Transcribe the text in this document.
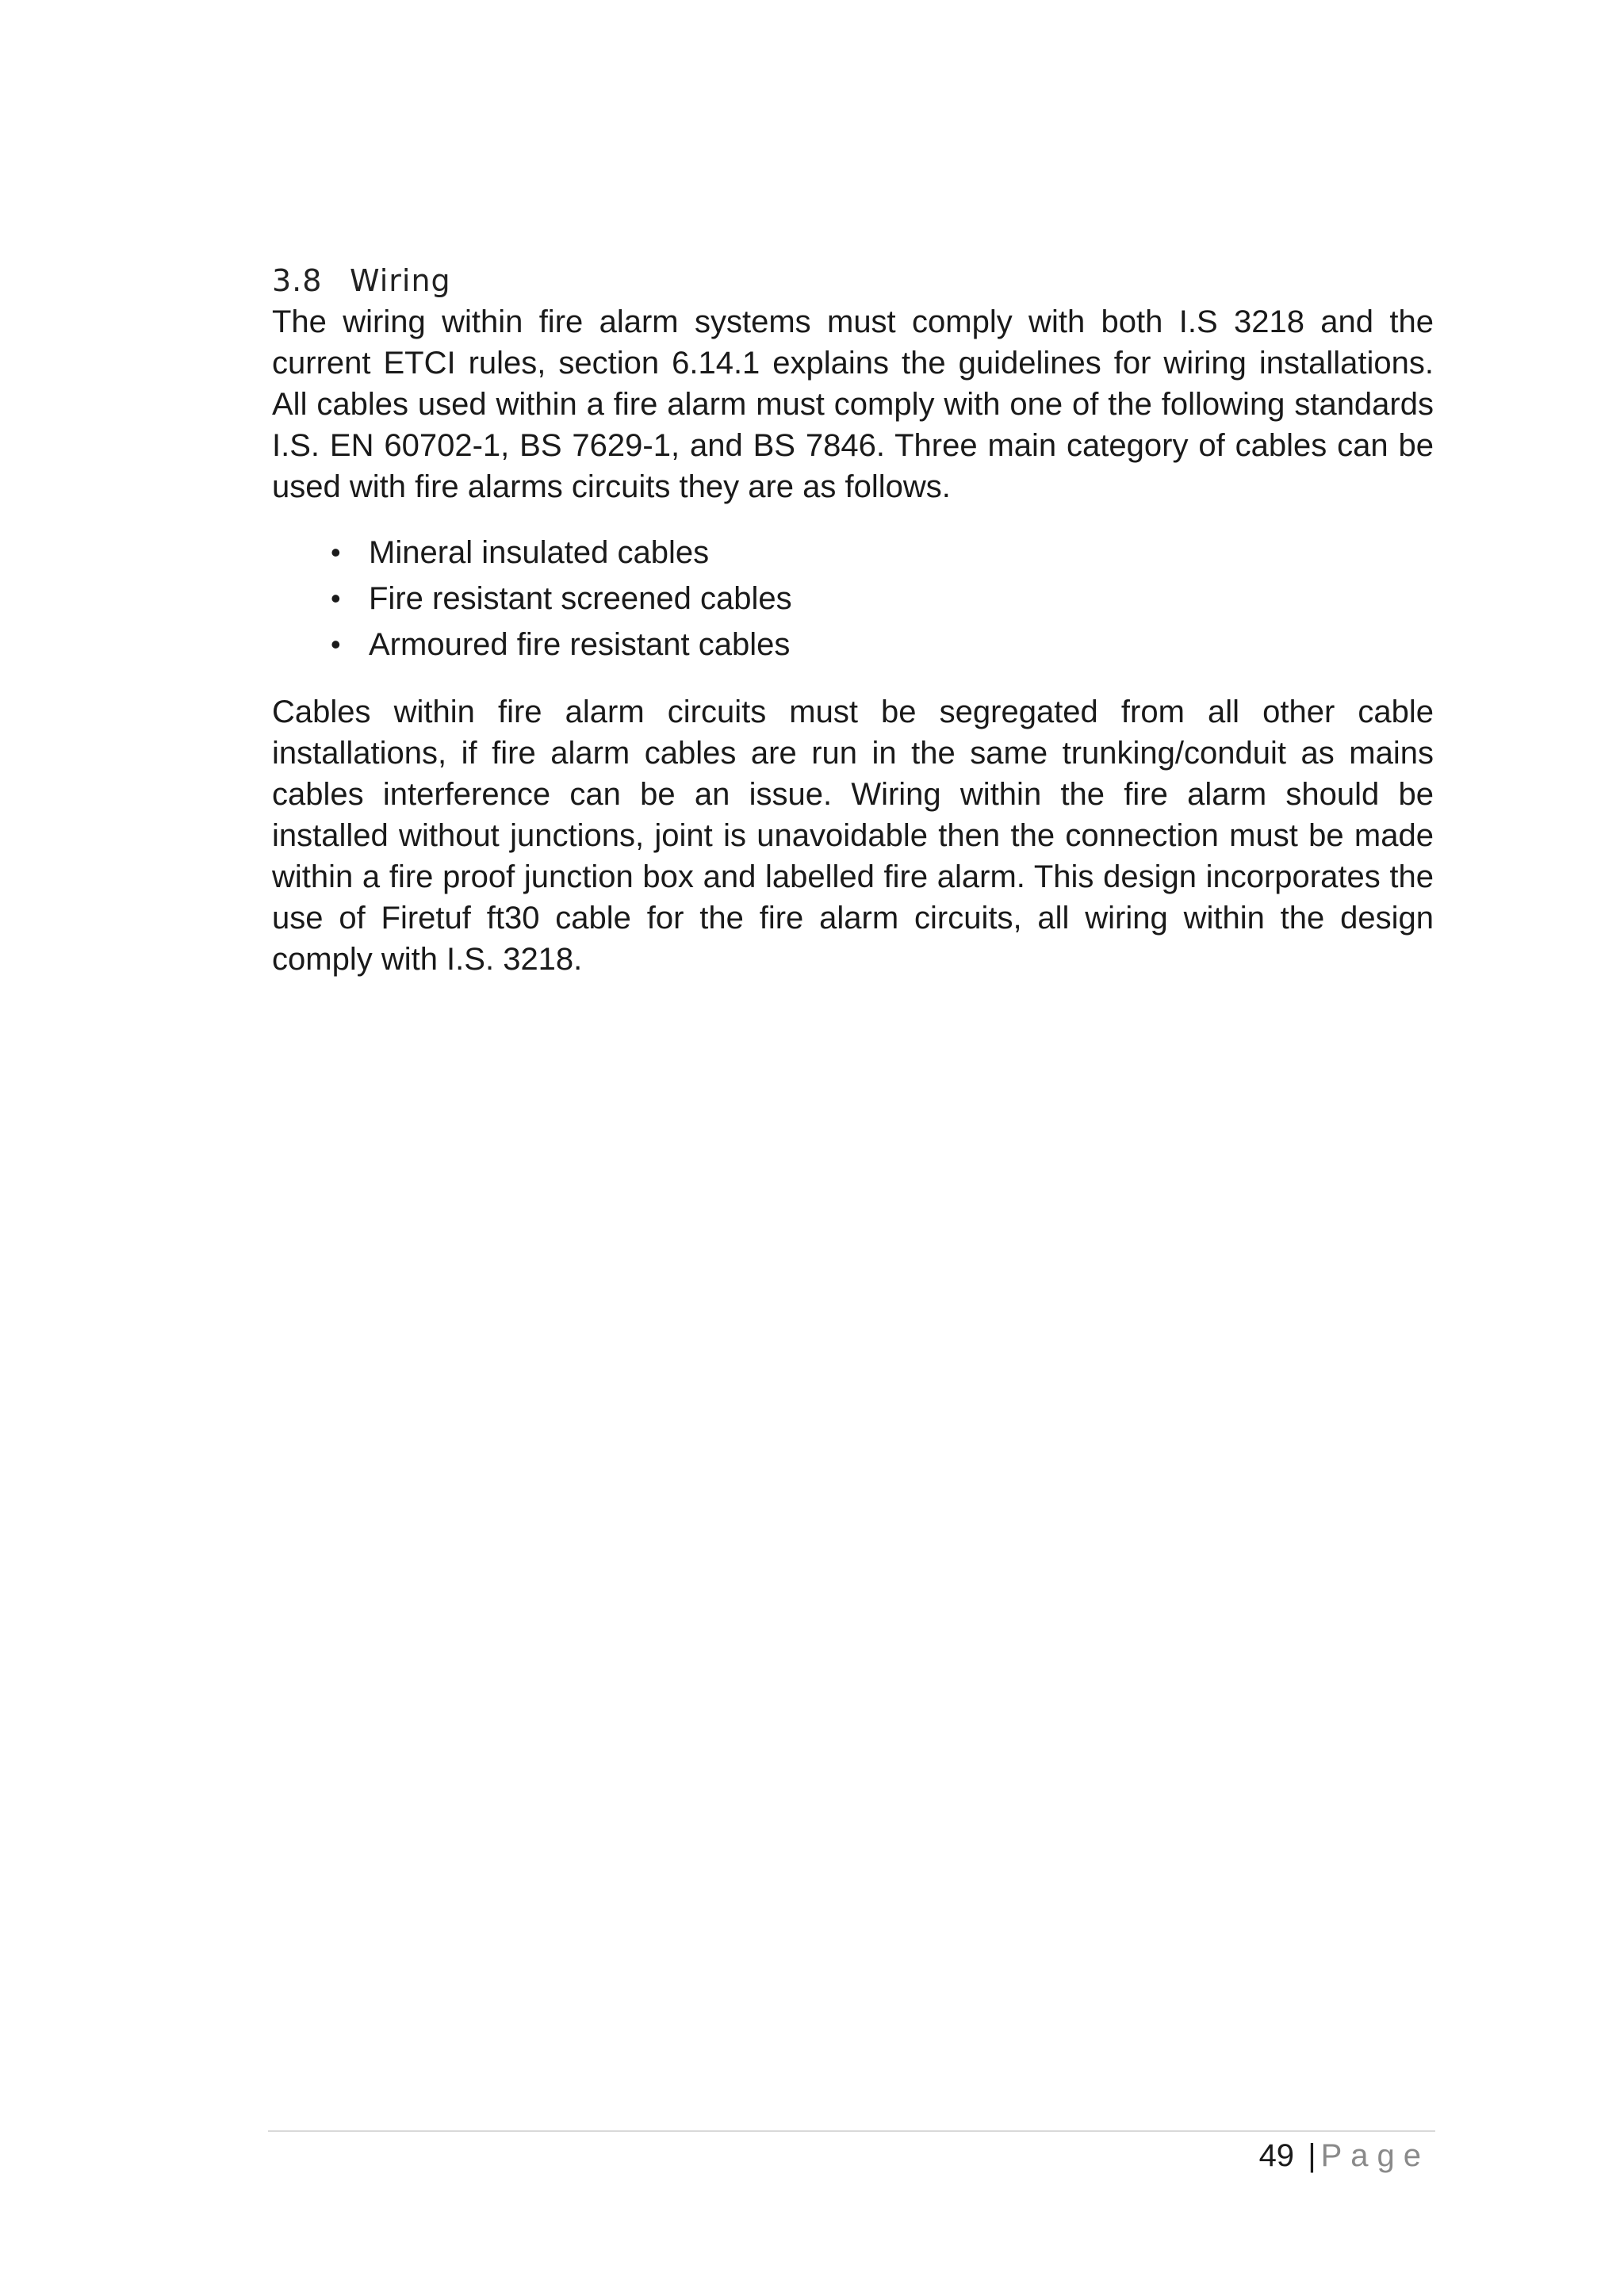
3.8 Wiring

The wiring within fire alarm systems must comply with both I.S 3218 and the current ETCI rules, section 6.14.1 explains the guidelines for wiring installations. All cables used within a fire alarm must comply with one of the following standards I.S. EN 60702-1, BS 7629-1, and BS 7846. Three main category of cables can be used with fire alarms circuits they are as follows.

• Mineral insulated cables
• Fire resistant screened cables
• Armoured fire resistant cables

Cables within fire alarm circuits must be segregated from all other cable installations, if fire alarm cables are run in the same trunking/conduit as mains cables interference can be an issue. Wiring within the fire alarm should be installed without junctions, joint is unavoidable then the connection must be made within a fire proof junction box and labelled fire alarm. This design incorporates the use of Firetuf ft30 cable for the fire alarm circuits, all wiring within the design comply with I.S. 3218.

49 | Page
